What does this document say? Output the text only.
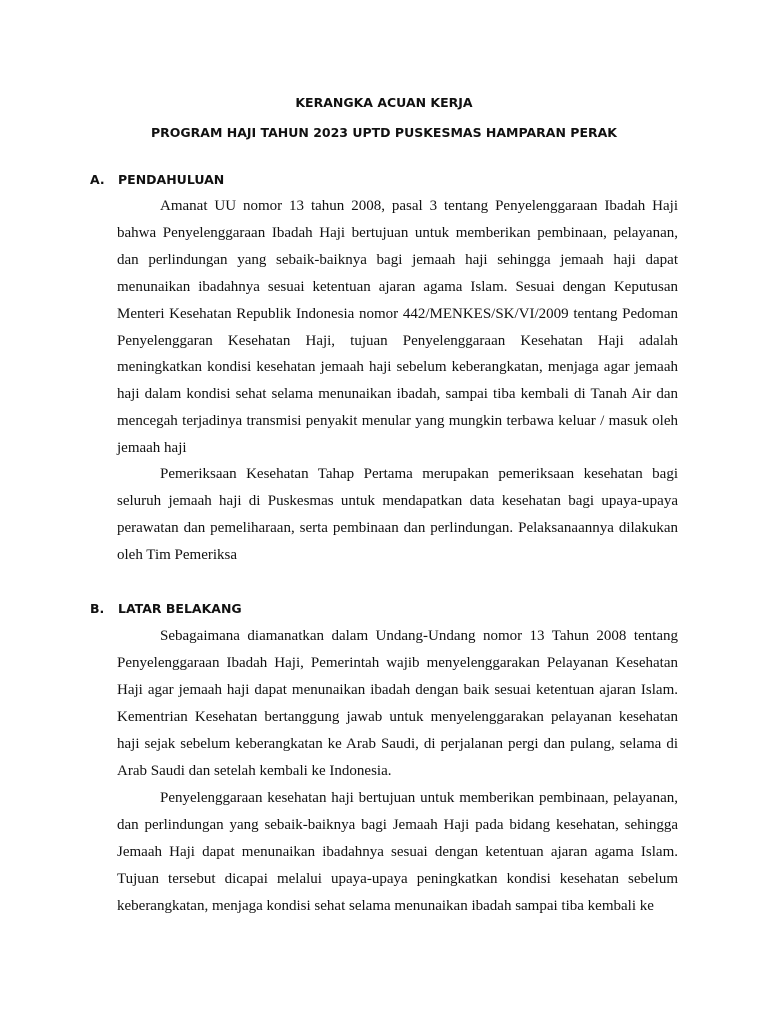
KERANGKA ACUAN KERJA
PROGRAM HAJI TAHUN 2023 UPTD PUSKESMAS HAMPARAN PERAK
A. PENDAHULUAN

Amanat UU nomor 13 tahun 2008, pasal 3 tentang Penyelenggaraan Ibadah Haji bahwa Penyelenggaraan Ibadah Haji bertujuan untuk memberikan pembinaan, pelayanan, dan perlindungan yang sebaik-baiknya bagi jemaah haji sehingga jemaah haji dapat menunaikan ibadahnya sesuai ketentuan ajaran agama Islam. Sesuai dengan Keputusan Menteri Kesehatan Republik Indonesia nomor 442/MENKES/SK/VI/2009 tentang Pedoman Penyelenggaran Kesehatan Haji, tujuan Penyelenggaraan Kesehatan Haji adalah meningkatkan kondisi kesehatan jemaah haji sebelum keberangkatan, menjaga agar jemaah haji dalam kondisi sehat selama menunaikan ibadah, sampai tiba kembali di Tanah Air dan mencegah terjadinya transmisi penyakit menular yang mungkin terbawa keluar / masuk oleh jemaah haji

Pemeriksaan Kesehatan Tahap Pertama merupakan pemeriksaan kesehatan bagi seluruh jemaah haji di Puskesmas untuk mendapatkan data kesehatan bagi upaya-upaya perawatan dan pemeliharaan, serta pembinaan dan perlindungan. Pelaksanaannya dilakukan oleh Tim Pemeriksa

B. LATAR BELAKANG

Sebagaimana diamanatkan dalam Undang-Undang nomor 13 Tahun 2008 tentang Penyelenggaraan Ibadah Haji, Pemerintah wajib menyelenggarakan Pelayanan Kesehatan Haji agar jemaah haji dapat menunaikan ibadah dengan baik sesuai ketentuan ajaran Islam. Kementrian Kesehatan bertanggung jawab untuk menyelenggarakan pelayanan kesehatan haji sejak sebelum keberangkatan ke Arab Saudi, di perjalanan pergi dan pulang, selama di Arab Saudi dan setelah kembali ke Indonesia.

Penyelenggaraan kesehatan haji bertujuan untuk memberikan pembinaan, pelayanan, dan perlindungan yang sebaik-baiknya bagi Jemaah Haji pada bidang kesehatan, sehingga Jemaah Haji dapat menunaikan ibadahnya sesuai dengan ketentuan ajaran agama Islam. Tujuan tersebut dicapai melalui upaya-upaya peningkatkan kondisi kesehatan sebelum keberangkatan, menjaga kondisi sehat selama menunaikan ibadah sampai tiba kembali ke
